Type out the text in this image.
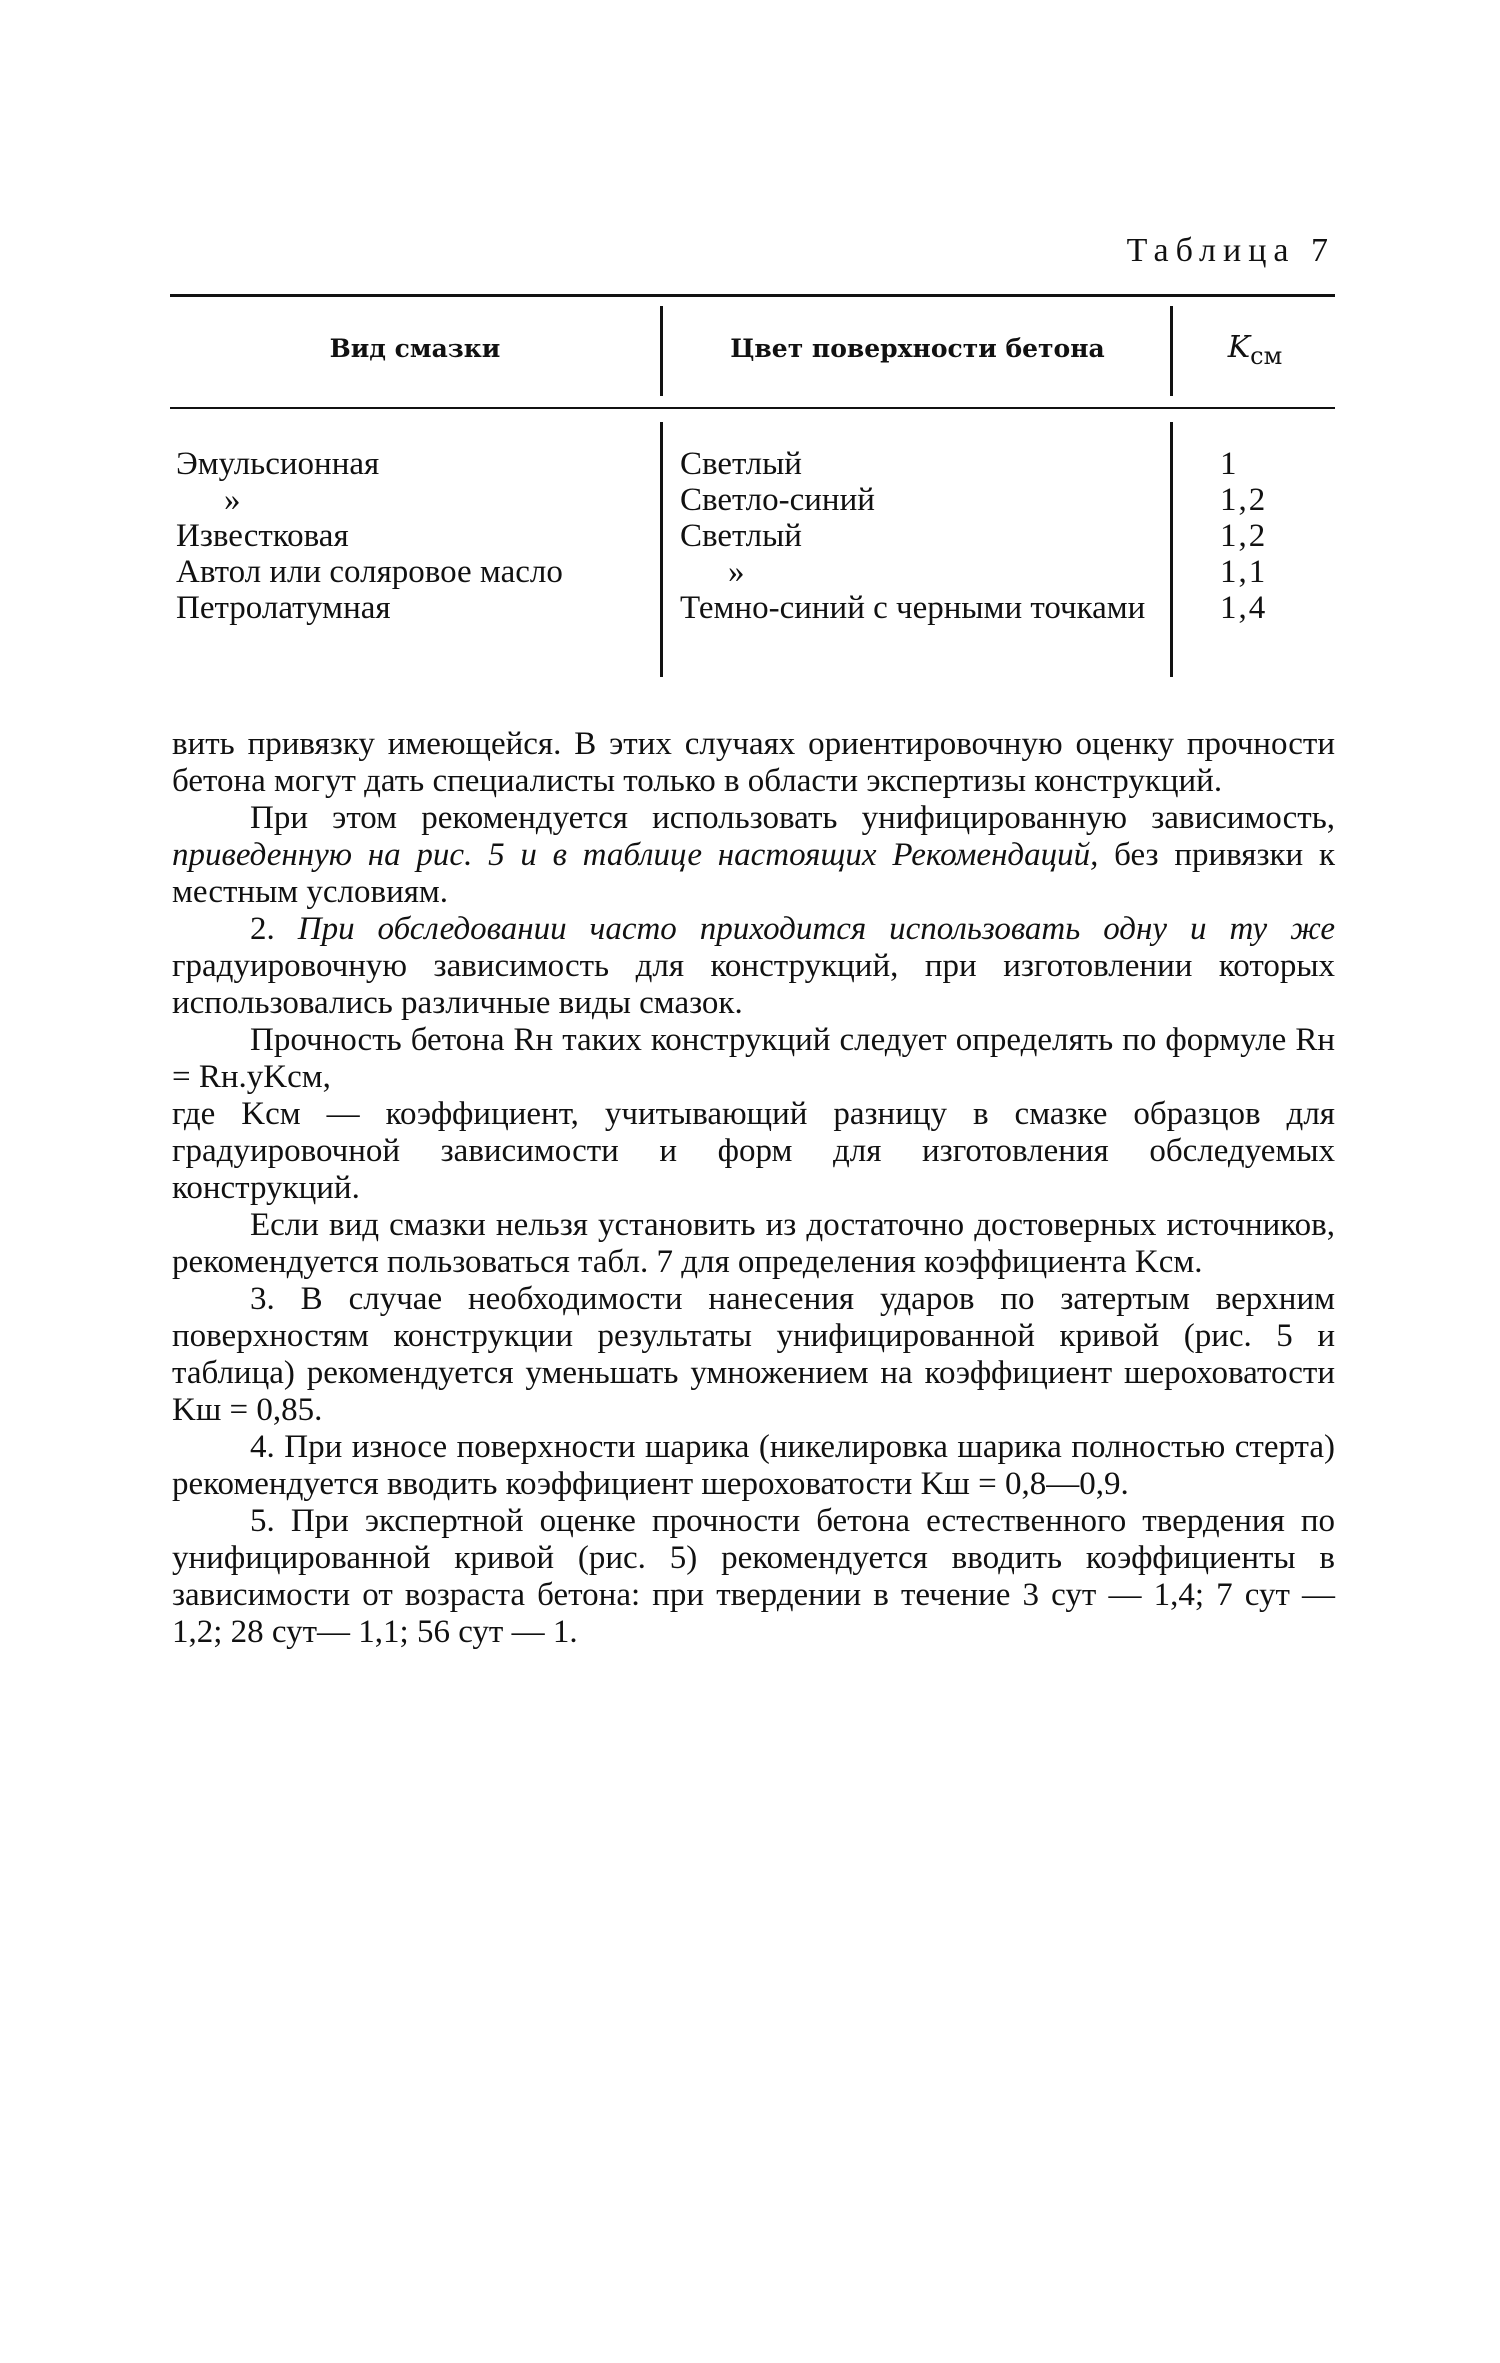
Таблица 7
Вид смазки	Цвет поверхности бетона	$K_{см}$
Эмульсионная
»
Известковая
Автол или соляровое масло
Петролатумная
Светлый
Светло-синий
Светлый
»
Темно-синий с черными точками
1
1,2
1,2
1,1
1,4

вить привязку имеющейся. В этих случаях ориентировочную оценку прочности бетона могут дать специалисты только в области экспертизы конструкций.

При этом рекомендуется использовать унифицированную зависимость, приведенную на рис. 5 и в таблице настоящих Рекомендаций, без привязки к местным условиям.

2. При обследовании часто приходится использовать одну и ту же градуировочную зависимость для конструкций, при изготовлении которых использовались различные виды смазок.

Прочность бетона Rн таких конструкций следует определять по формуле Rн = Rн.уKсм,

где Kсм — коэффициент, учитывающий разницу в смазке образцов для градуировочной зависимости и форм для изготовления обследуемых конструкций.

Если вид смазки нельзя установить из достаточно достоверных источников, рекомендуется пользоваться табл. 7 для определения коэффициента Kсм.

3. В случае необходимости нанесения ударов по затертым верхним поверхностям конструкции результаты унифицированной кривой (рис. 5 и таблица) рекомендуется уменьшать умножением на коэффициент шероховатости Kш = 0,85.

4. При износе поверхности шарика (никелировка шарика полностью стерта) рекомендуется вводить коэффициент шероховатости Kш = 0,8—0,9.

5. При экспертной оценке прочности бетона естественного твердения по унифицированной кривой (рис. 5) рекомендуется вводить коэффициенты в зависимости от возраста бетона: при твердении в течение 3 сут — 1,4; 7 сут — 1,2; 28 сут— 1,1; 56 сут — 1.
